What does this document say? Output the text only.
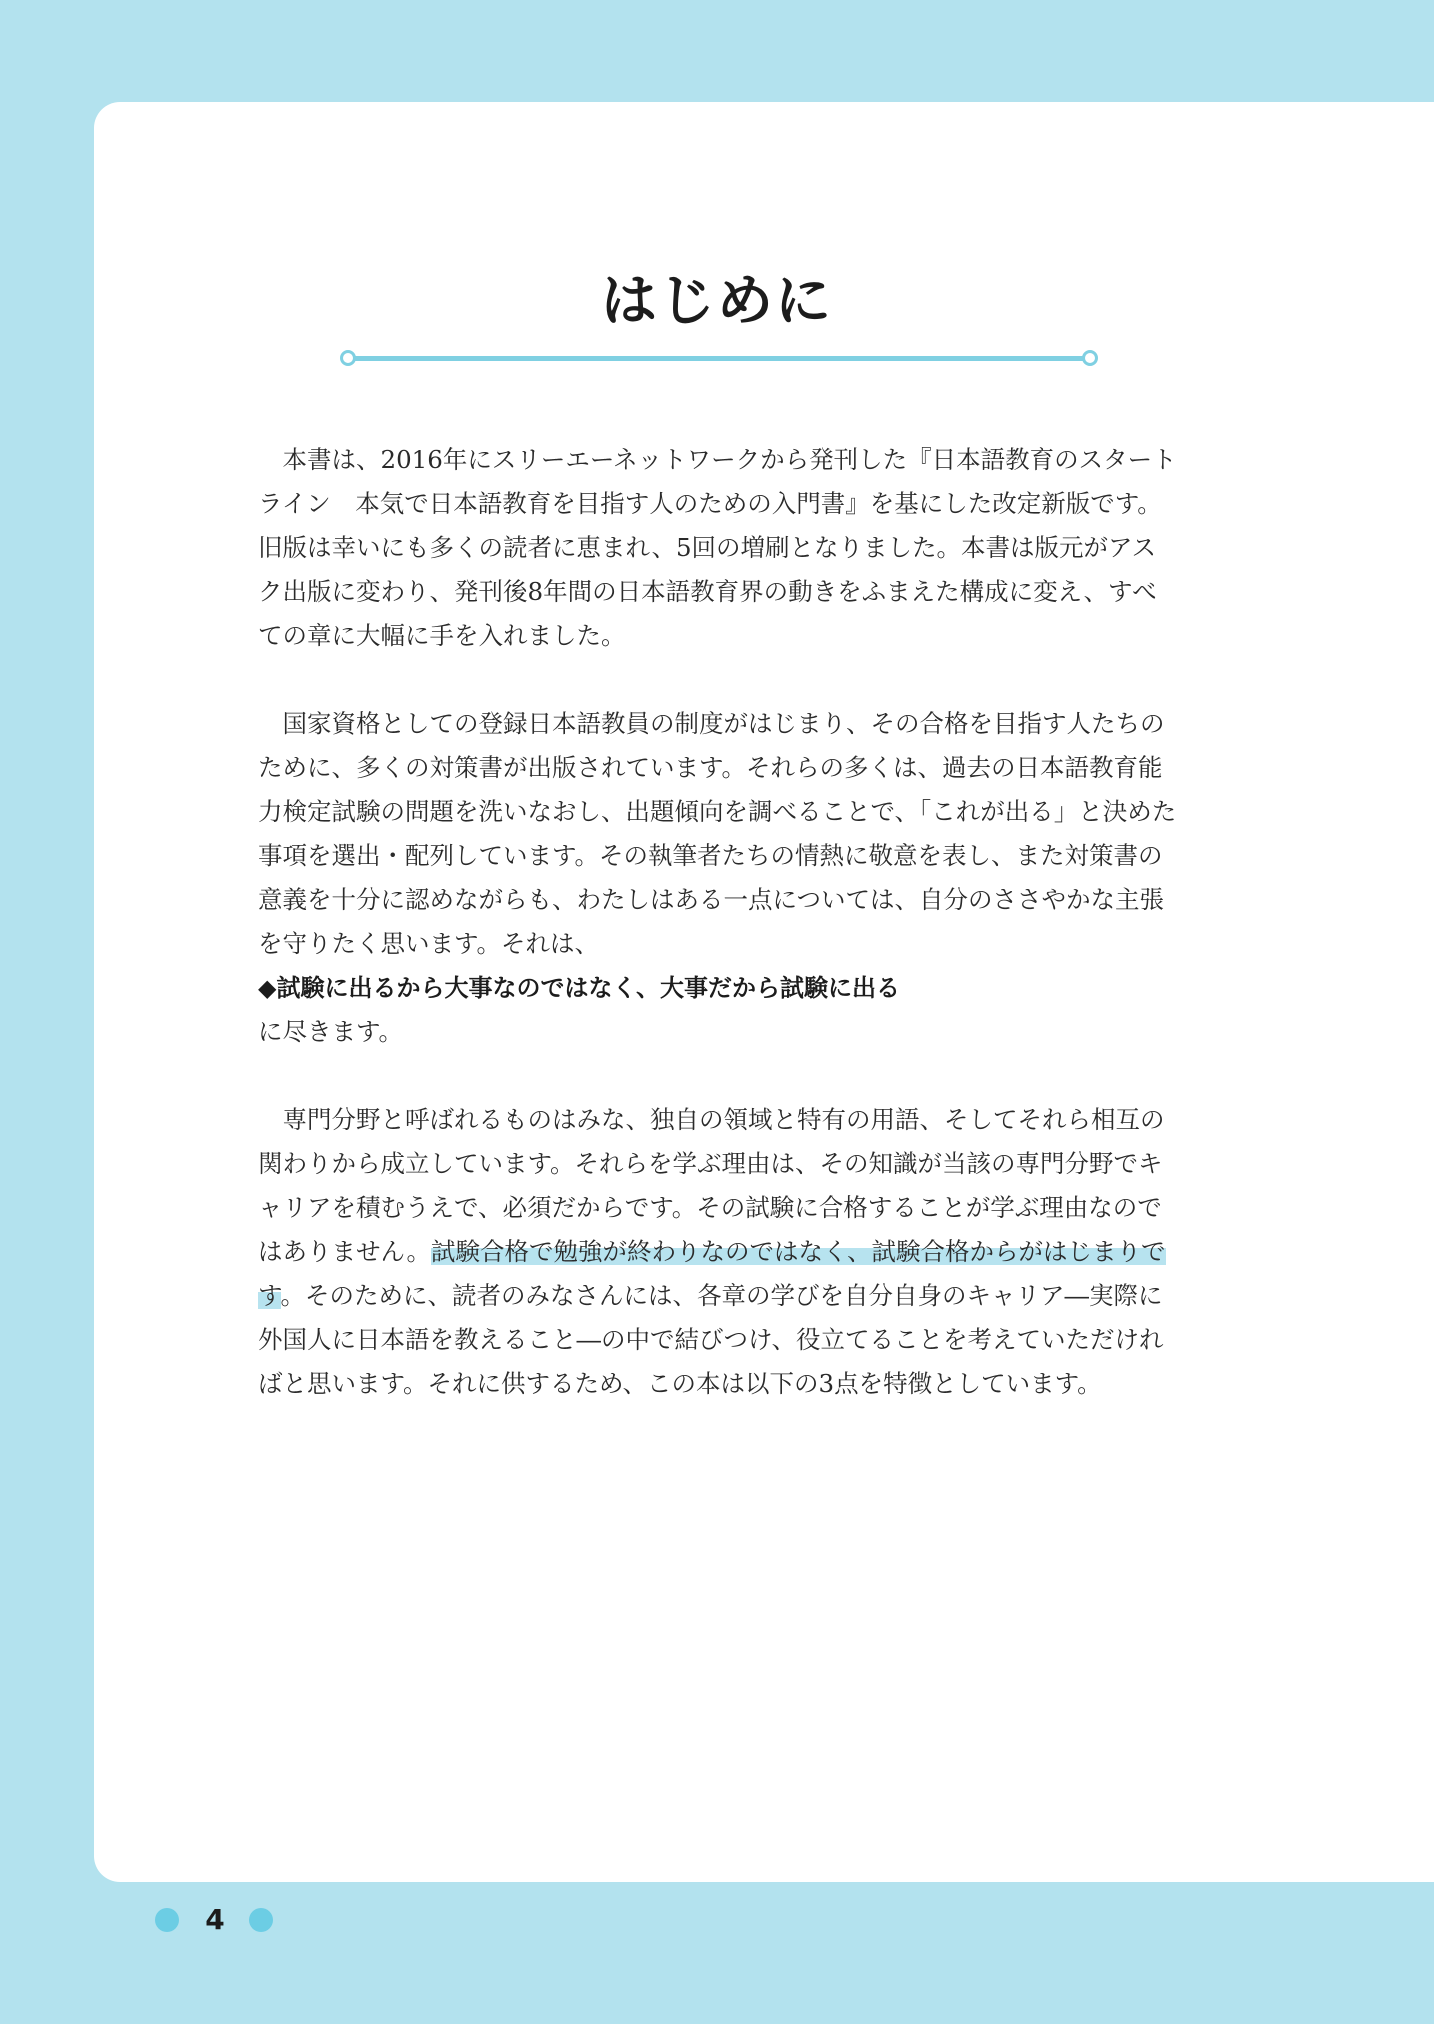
はじめに

本書は、2016年にスリーエーネットワークから発刊した『日本語教育のスタートライン　本気で日本語教育を目指す人のための入門書』を基にした改定新版です。旧版は幸いにも多くの読者に恵まれ、5回の増刷となりました。本書は版元がアスク出版に変わり、発刊後8年間の日本語教育界の動きをふまえた構成に変え、すべての章に大幅に手を入れました。

国家資格としての登録日本語教員の制度がはじまり、その合格を目指す人たちのために、多くの対策書が出版されています。それらの多くは、過去の日本語教育能力検定試験の問題を洗いなおし、出題傾向を調べることで、「これが出る」と決めた事項を選出・配列しています。その執筆者たちの情熱に敬意を表し、また対策書の意義を十分に認めながらも、わたしはある一点については、自分のささやかな主張を守りたく思います。それは、
◆試験に出るから大事なのではなく、大事だから試験に出る
に尽きます。

専門分野と呼ばれるものはみな、独自の領域と特有の用語、そしてそれら相互の関わりから成立しています。それらを学ぶ理由は、その知識が当該の専門分野でキャリアを積むうえで、必須だからです。その試験に合格することが学ぶ理由なのではありません。試験合格で勉強が終わりなのではなく、試験合格からがはじまりです。そのために、読者のみなさんには、各章の学びを自分自身のキャリア―実際に外国人に日本語を教えること―の中で結びつけ、役立てることを考えていただければと思います。それに供するため、この本は以下の3点を特徴としています。

4
